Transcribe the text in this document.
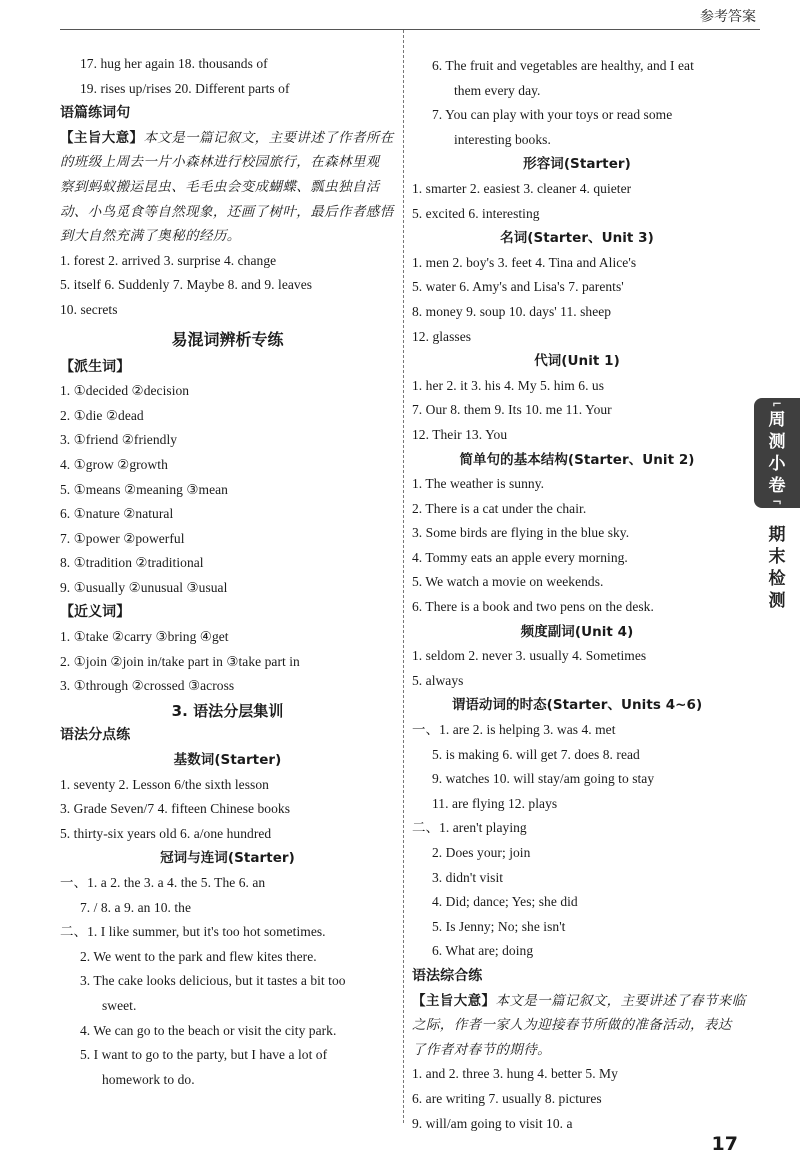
参考答案
17. hug her again 18. thousands of
19. rises up/rises 20. Different parts of
语篇练词句
【主旨大意】本文是一篇记叙文，主要讲述了作者所在
的班级上周去一片小森林进行校园旅行，在森林里观
察到蚂蚁搬运昆虫、毛毛虫会变成蝴蝶、瓢虫独自活
动、小鸟觅食等自然现象，还画了树叶，最后作者感悟
到大自然充满了奥秘的经历。
1. forest 2. arrived 3. surprise 4. change
5. itself 6. Suddenly 7. Maybe 8. and 9. leaves
10. secrets
易混词辨析专练
【派生词】
1. ①decided ②decision
2. ①die ②dead
3. ①friend ②friendly
4. ①grow ②growth
5. ①means ②meaning ③mean
6. ①nature ②natural
7. ①power ②powerful
8. ①tradition ②traditional
9. ①usually ②unusual ③usual
【近义词】
1. ①take ②carry ③bring ④get
2. ①join ②join in/take part in ③take part in
3. ①through ②crossed ③across
3. 语法分层集训
语法分点练
基数词(Starter)
1. seventy 2. Lesson 6/the sixth lesson
3. Grade Seven/7 4. fifteen Chinese books
5. thirty-six years old 6. a/one hundred
冠词与连词(Starter)
一、1. a 2. the 3. a 4. the 5. The 6. an
7. / 8. a 9. an 10. the
二、1. I like summer, but it's too hot sometimes.
2. We went to the park and flew kites there.
3. The cake looks delicious, but it tastes a bit too
sweet.
4. We can go to the beach or visit the city park.
5. I want to go to the party, but I have a lot of
homework to do.
6. The fruit and vegetables are healthy, and I eat
them every day.
7. You can play with your toys or read some
interesting books.
形容词(Starter)
1. smarter 2. easiest 3. cleaner 4. quieter
5. excited 6. interesting
名词(Starter、Unit 3)
1. men 2. boy's 3. feet 4. Tina and Alice's
5. water 6. Amy's and Lisa's 7. parents'
8. money 9. soup 10. days' 11. sheep
12. glasses
代词(Unit 1)
1. her 2. it 3. his 4. My 5. him 6. us
7. Our 8. them 9. Its 10. me 11. Your
12. Their 13. You
简单句的基本结构(Starter、Unit 2)
1. The weather is sunny.
2. There is a cat under the chair.
3. Some birds are flying in the blue sky.
4. Tommy eats an apple every morning.
5. We watch a movie on weekends.
6. There is a book and two pens on the desk.
频度副词(Unit 4)
1. seldom 2. never 3. usually 4. Sometimes
5. always
谓语动词的时态(Starter、Units 4~6)
一、1. are 2. is helping 3. was 4. met
5. is making 6. will get 7. does 8. read
9. watches 10. will stay/am going to stay
11. are flying 12. plays
二、1. aren't playing
2. Does your; join
3. didn't visit
4. Did; dance; Yes; she did
5. Is Jenny; No; she isn't
6. What are; doing
语法综合练
【主旨大意】本文是一篇记叙文，主要讲述了春节来临
之际，作者一家人为迎接春节所做的准备活动，表达
了作者对春节的期待。
1. and 2. three 3. hung 4. better 5. My
6. are writing 7. usually 8. pictures
9. will/am going to visit 10. a
⌐
周
测
小
卷
¬
期
末
检
测
17
